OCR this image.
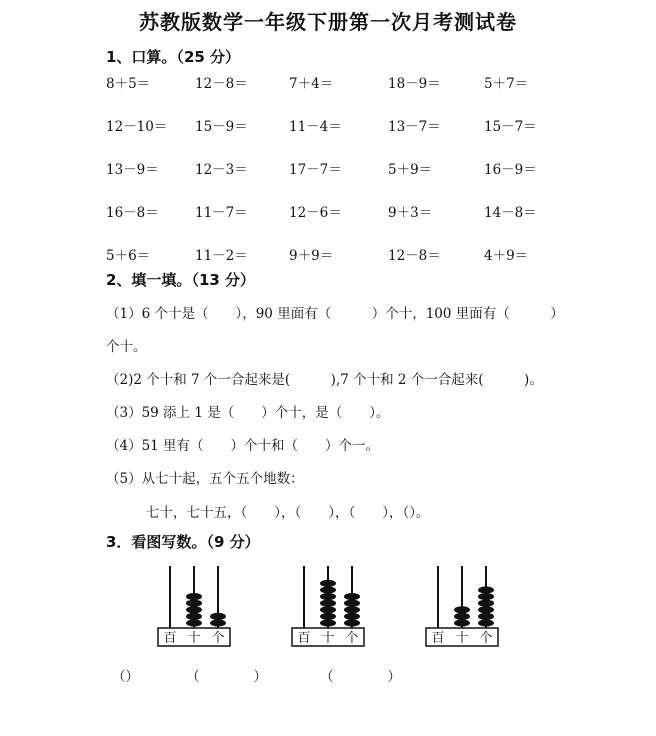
苏教版数学一年级下册第一次月考测试卷
1、口算。（25 分）
8＋5＝	12－8＝	7＋4＝	18－9＝	5＋7＝
12－10＝ 15－9＝	11－4＝	13－7＝	15－7＝
13－9＝	12－3＝	17－7＝	5＋9＝	16－9＝
16－8＝	11－7＝	12－6＝	9＋3＝	14－8＝
5＋6＝	11－2＝	9＋9＝	12－8＝	4＋9＝
2、填一填。（13 分）
（1）6 个十是（　　），90 里面有（　　　）个十，100 里面有（　　　）
个十。
（2)2 个十和 7 个一合起来是(　　　),7 个十和 2 个一合起来(　　　)。
（3）59 添上 1 是（　　）个十，是（　　）。
（4）51 里有（　　）个十和（　　）个一。
（5）从七十起，五个五个地数：
七十，七十五，（　　），（　　），（　　），（）。
3．看图写数。（9 分）
百 十 个	百 十 个	百 十 个
（）	（　　　　）	（　　　　）
